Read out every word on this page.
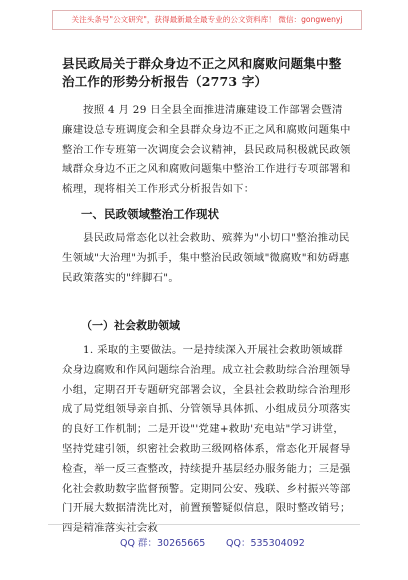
关注头条号"公文研究"，获得最新最全最专业的公文资料库！ 微信：gongwenyj
县民政局关于群众身边不正之风和腐败问题集中整治工作的形势分析报告（2773 字）
按照 4 月 29 日全县全面推进清廉建设工作部署会暨清廉建设总专班调度会和全县群众身边不正之风和腐败问题集中整治工作专班第一次调度会会议精神，县民政局积极就民政领域群众身边不正之风和腐败问题集中整治工作进行专项部署和梳理，现将相关工作形式分析报告如下：
一、民政领域整治工作现状
县民政局常态化以社会救助、殡葬为"小切口"整治推动民生领域"大治理"为抓手，集中整治民政领域"微腐败"和妨碍惠民政策落实的"绊脚石"。
（一）社会救助领域
1. 采取的主要做法。一是持续深入开展社会救助领域群众身边腐败和作风问题综合治理。成立社会救助综合治理领导小组，定期召开专题研究部署会议，全县社会救助综合治理形成了局党组领导亲自抓、分管领导具体抓、小组成员分项落实的良好工作机制；二是开设"'党建+救助'充电站"学习讲堂，坚持党建引领，织密社会救助三级网格体系，常态化开展督导检查，举一反三查整改，持续提升基层经办服务能力；三是强化社会救助数字监督预警。定期同公安、残联、乡村振兴等部门开展大数据清洗比对，前置预警疑似信息，限时整改销号；四是精准落实社会救
QQ 群：30265665 QQ：535304092
